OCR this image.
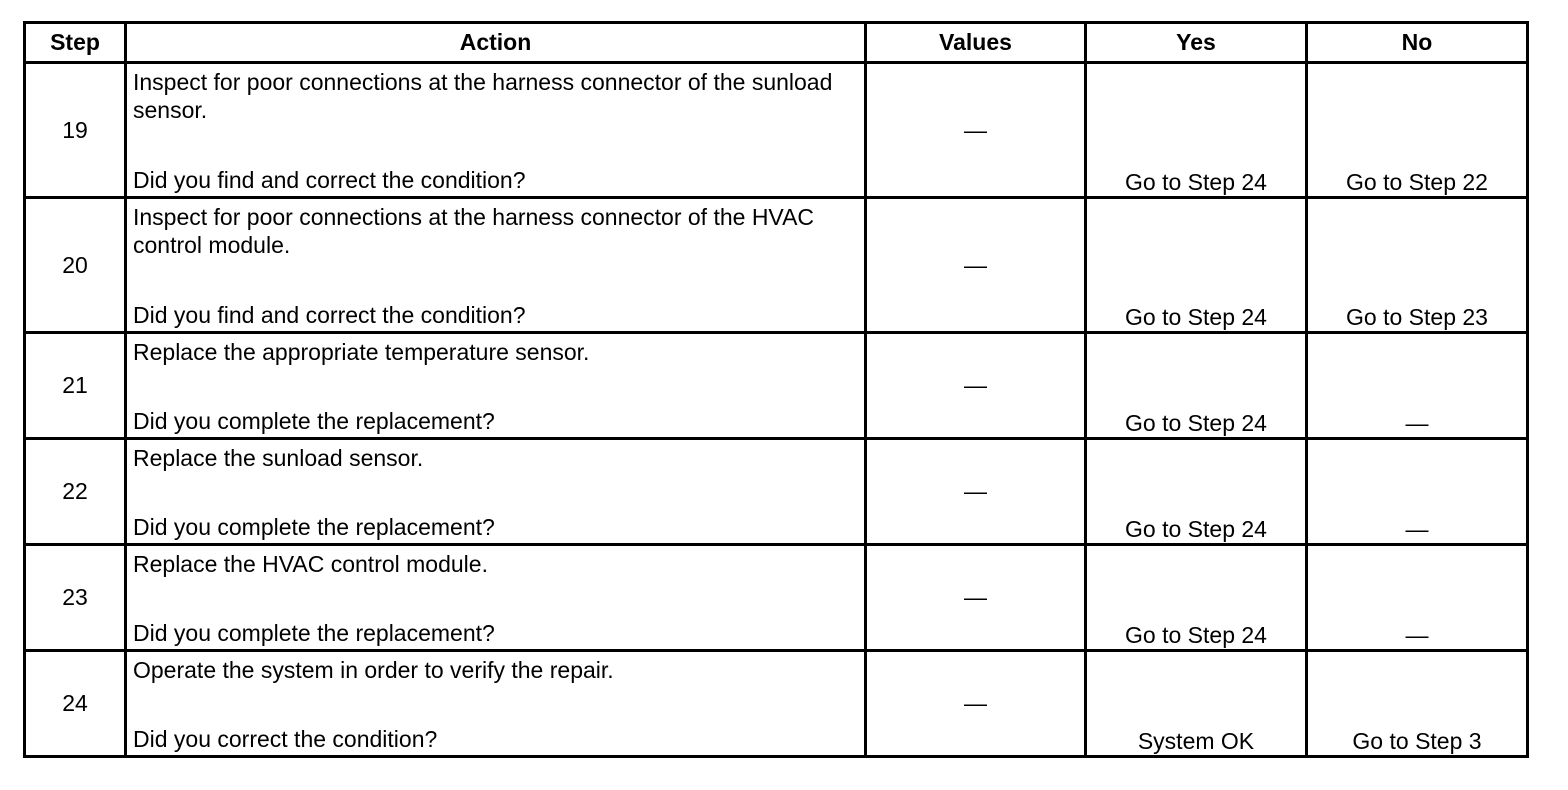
Step	Action	Values	Yes	No
19	Inspect for poor connections at the harness connector of the sunload sensor.
Did you find and correct the condition?	—	Go to Step 24	Go to Step 22
20	Inspect for poor connections at the harness connector of the HVAC control module.
Did you find and correct the condition?	—	Go to Step 24	Go to Step 23
21	Replace the appropriate temperature sensor.
Did you complete the replacement?	—	Go to Step 24	—
22	Replace the sunload sensor.
Did you complete the replacement?	—	Go to Step 24	—
23	Replace the HVAC control module.
Did you complete the replacement?	—	Go to Step 24	—
24	Operate the system in order to verify the repair.
Did you correct the condition?	—	System OK	Go to Step 3
